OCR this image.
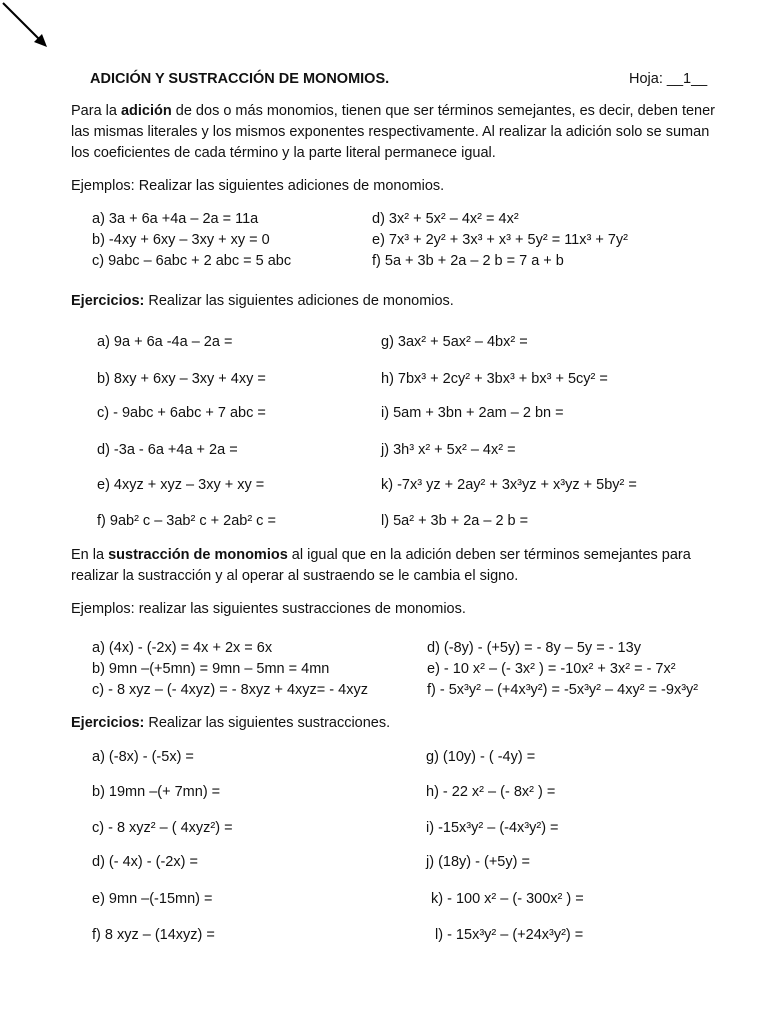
ADICIÓN Y SUSTRACCIÓN DE MONOMIOS.	Hoja: __1__
Para la adición de dos o más monomios, tienen que ser términos semejantes, es decir, deben tener las mismas literales y los mismos exponentes respectivamente. Al realizar la adición solo se suman los coeficientes de cada término y la parte literal permanece igual.
Ejemplos: Realizar las siguientes adiciones de monomios.
a) 3a + 6a +4a – 2a = 11a
b) -4xy + 6xy – 3xy + xy = 0
c) 9abc – 6abc + 2 abc = 5 abc
d) 3x² + 5x² – 4x² = 4x²
e) 7x³ + 2y² + 3x³ + x³ + 5y² = 11x³ + 7y²
f) 5a + 3b + 2a – 2 b = 7 a + b
Ejercicios: Realizar las siguientes adiciones de monomios.
a) 9a + 6a -4a – 2a =
b) 8xy + 6xy – 3xy + 4xy =
c) - 9abc + 6abc + 7 abc =
d) -3a - 6a +4a + 2a =
e) 4xyz + xyz – 3xy + xy =
f) 9ab² c – 3ab² c + 2ab² c =
g) 3ax² + 5ax² – 4bx² =
h) 7bx³ + 2cy² + 3bx³ + bx³ + 5cy² =
i) 5am + 3bn + 2am – 2 bn =
j) 3h³ x² + 5x² – 4x² =
k) -7x³ yz + 2ay² + 3x³yz + x³yz + 5by² =
l) 5a² + 3b + 2a – 2 b =
En la sustracción de monomios al igual que en la adición deben ser términos semejantes para realizar la sustracción y al operar al sustraendo se le cambia el signo.
Ejemplos: realizar las siguientes sustracciones de monomios.
a) (4x) - (-2x) = 4x + 2x = 6x
b) 9mn –(+5mn) = 9mn – 5mn = 4mn
c) - 8 xyz – (- 4xyz) = - 8xyz + 4xyz= - 4xyz
d) (-8y) - (+5y) = - 8y – 5y = - 13y
e) - 10 x² – (- 3x² ) = -10x² + 3x² = - 7x²
f) - 5x³y² – (+4x³y²) = -5x³y² – 4xy² = -9x³y²
Ejercicios: Realizar las siguientes sustracciones.
a) (-8x) - (-5x) =
b) 19mn –(+ 7mn) =
c) - 8 xyz² – ( 4xyz²) =
d) (- 4x) - (-2x) =
e) 9mn –(-15mn) =
f) 8 xyz – (14xyz) =
g) (10y) - ( -4y) =
h) - 22 x² – (- 8x² ) =
i) -15x³y² – (-4x³y²) =
j) (18y) - (+5y) =
k) - 100 x² – (- 300x² ) =
l) - 15x³y² – (+24x³y²) =
